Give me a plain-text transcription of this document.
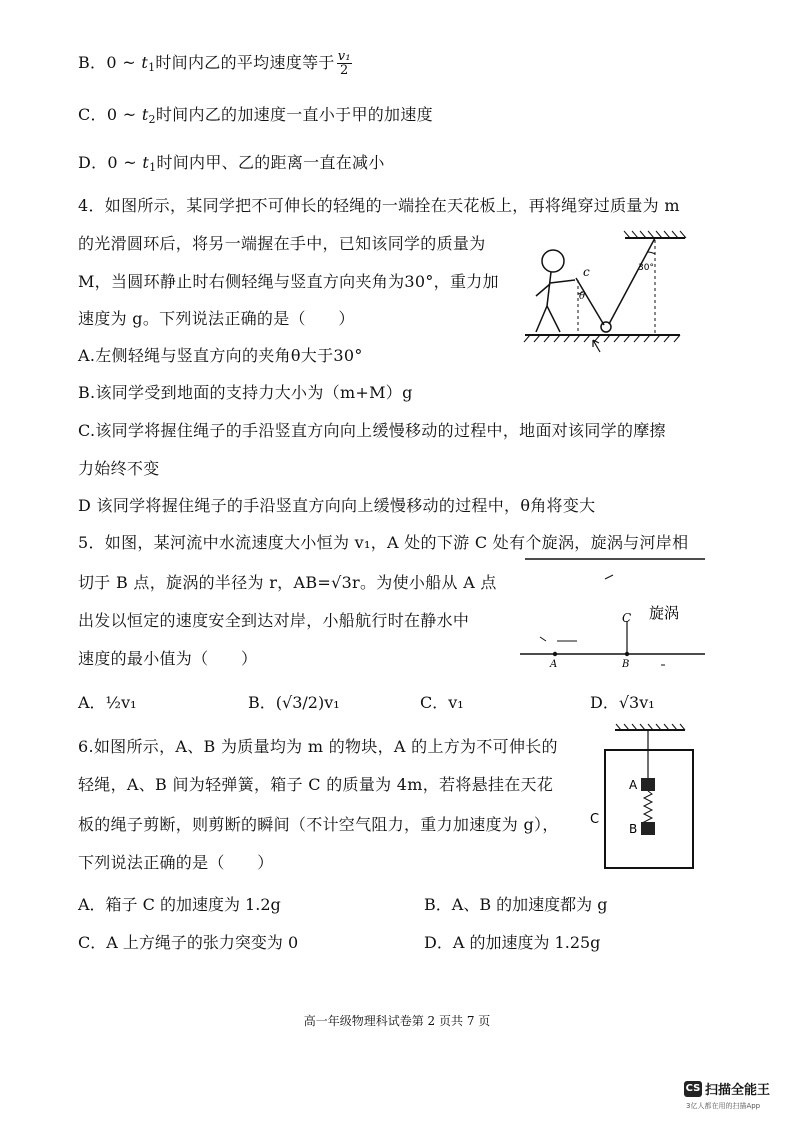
B．0 ~ $t_1$时间内乙的平均速度等于 $\frac{\text{v₁}}{2}$
C．0 ~ $t_2$时间内乙的加速度一直小于甲的加速度
D．0 ~ $t_1$时间内甲、乙的距离一直在减小
4．如图所示，某同学把不可伸长的轻绳的一端拴在天花板上，再将绳穿过质量为 m
的光滑圆环后，将另一端握在手中，已知该同学的质量为
M，当圆环静止时右侧轻绳与竖直方向夹角为30°，重力加
速度为 g。下列说法正确的是（　　）
A.左侧轻绳与竖直方向的夹角θ大于30°
B.该同学受到地面的支持力大小为（m+M）g
C.该同学将握住绳子的手沿竖直方向向上缓慢移动的过程中，地面对该同学的摩擦
力始终不变
D 该同学将握住绳子的手沿竖直方向向上缓慢移动的过程中，θ角将变大
c
θ
30°
5．如图，某河流中水流速度大小恒为 v₁，A 处的下游 C 处有个旋涡，旋涡与河岸相
切于 B 点，旋涡的半径为 r，AB=√3r。为使小船从 A 点
出发以恒定的速度安全到达对岸，小船航行时在静水中
速度的最小值为（　　）	A	B
C 旋涡
A．½v₁	B．(√3/2)v₁	C．v₁	D．√3v₁
6.如图所示，A、B 为质量均为 m 的物块，A 的上方为不可伸长的
轻绳，A、B 间为轻弹簧，箱子 C 的质量为 4m，若将悬挂在天花
板的绳子剪断，则剪断的瞬间（不计空气阻力，重力加速度为 g），
下列说法正确的是（　　）
A
B
C
A．箱子 C 的加速度为 1.2g	B．A、B 的加速度都为 g
C．A 上方绳子的张力突变为 0	D．A 的加速度为 1.25g
高一年级物理科试卷第 2 页共 7 页
CS 扫描全能王
3亿人都在用的扫描App
